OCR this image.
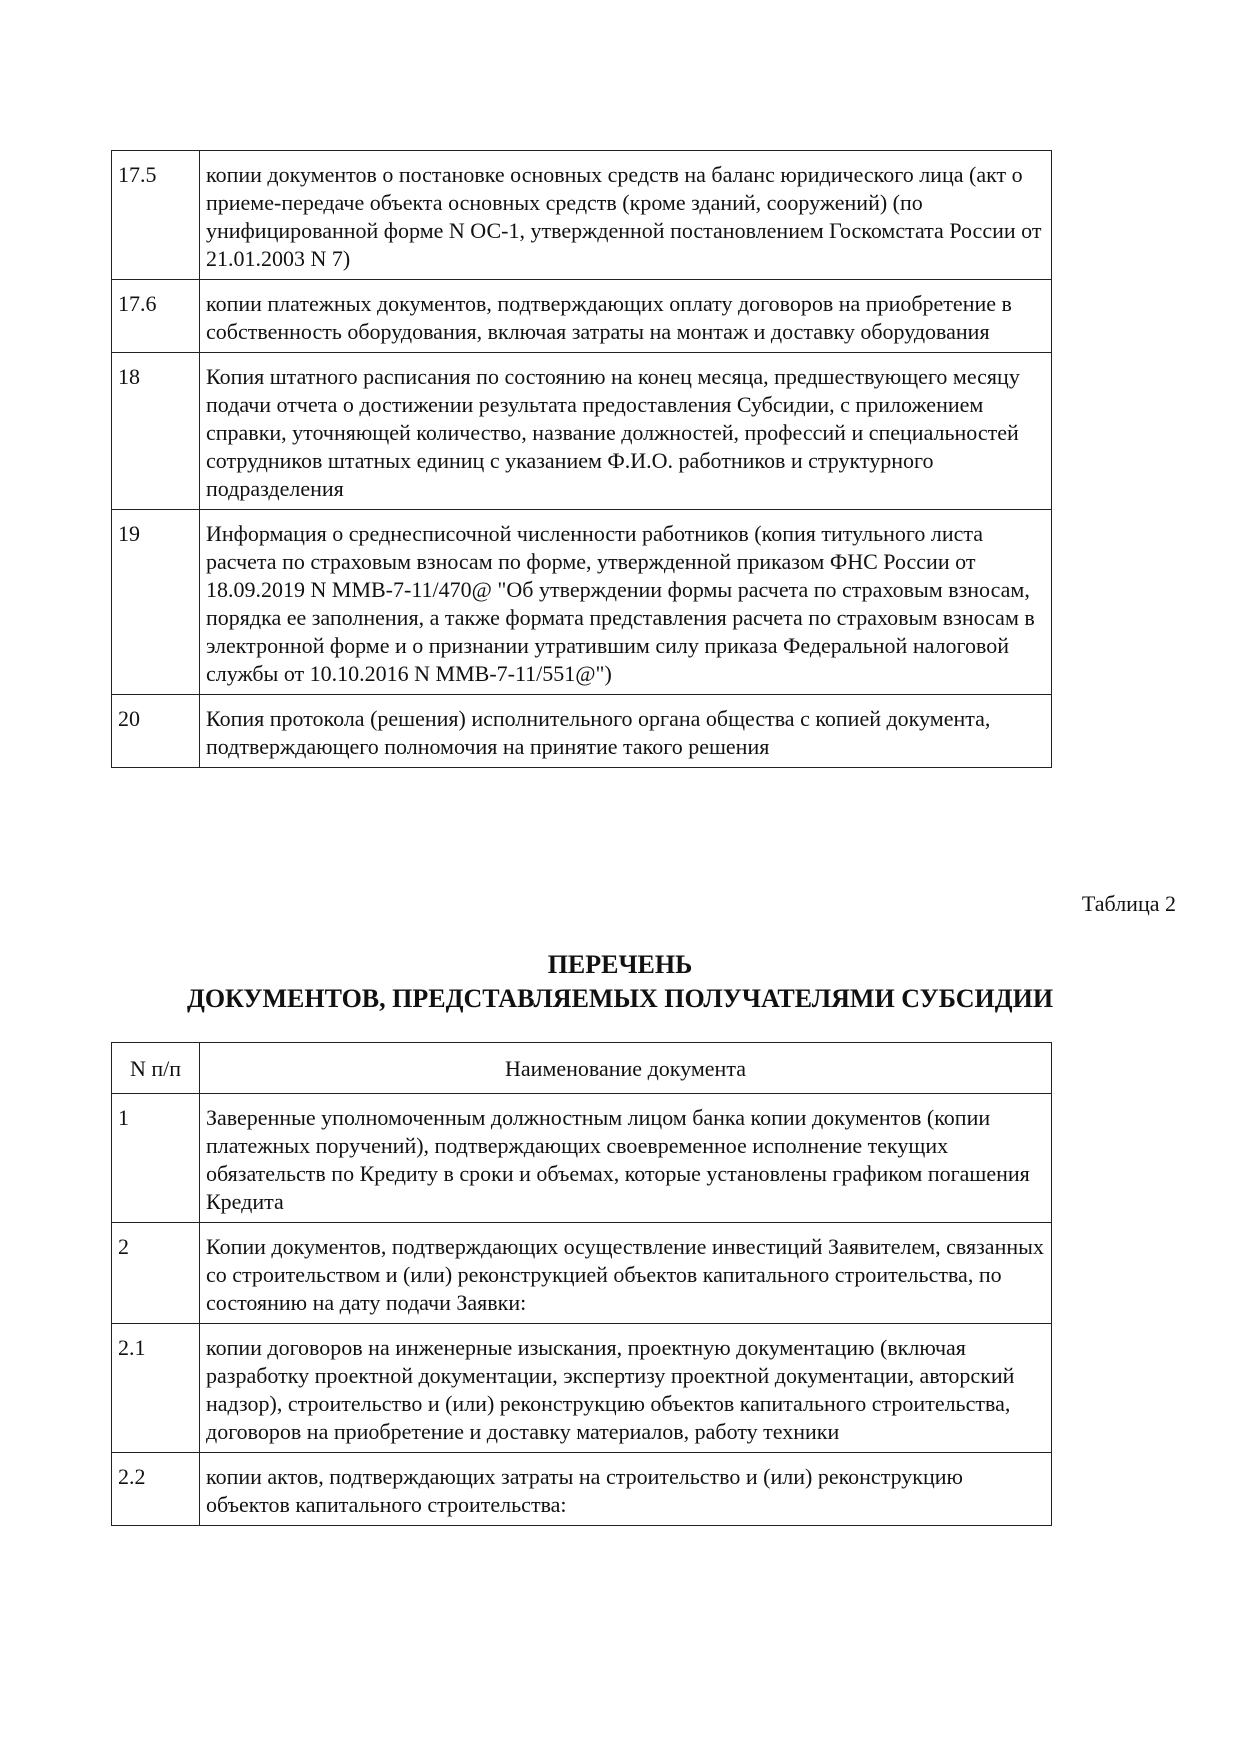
17.5	копии документов о постановке основных средств на баланс юридического лица (акт о приеме-передаче объекта основных средств (кроме зданий, сооружений) (по унифицированной форме N ОС-1, утвержденной постановлением Госкомстата России от 21.01.2003 N 7)
17.6	копии платежных документов, подтверждающих оплату договоров на приобретение в собственность оборудования, включая затраты на монтаж и доставку оборудования
18	Копия штатного расписания по состоянию на конец месяца, предшествующего месяцу подачи отчета о достижении результата предоставления Субсидии, с приложением справки, уточняющей количество, название должностей, профессий и специальностей сотрудников штатных единиц с указанием Ф.И.О. работников и структурного подразделения
19	Информация о среднесписочной численности работников (копия титульного листа расчета по страховым взносам по форме, утвержденной приказом ФНС России от 18.09.2019 N ММВ-7-11/470@ "Об утверждении формы расчета по страховым взносам, порядка ее заполнения, а также формата представления расчета по страховым взносам в электронной форме и о признании утратившим силу приказа Федеральной налоговой службы от 10.10.2016 N ММВ-7-11/551@")
20	Копия протокола (решения) исполнительного органа общества с копией документа, подтверждающего полномочия на принятие такого решения
Таблица 2
ПЕРЕЧЕНЬ
ДОКУМЕНТОВ, ПРЕДСТАВЛЯЕМЫХ ПОЛУЧАТЕЛЯМИ СУБСИДИИ
N п/п	Наименование документа
1	Заверенные уполномоченным должностным лицом банка копии документов (копии платежных поручений), подтверждающих своевременное исполнение текущих обязательств по Кредиту в сроки и объемах, которые установлены графиком погашения Кредита
2	Копии документов, подтверждающих осуществление инвестиций Заявителем, связанных со строительством и (или) реконструкцией объектов капитального строительства, по состоянию на дату подачи Заявки:
2.1	копии договоров на инженерные изыскания, проектную документацию (включая разработку проектной документации, экспертизу проектной документации, авторский надзор), строительство и (или) реконструкцию объектов капитального строительства, договоров на приобретение и доставку материалов, работу техники
2.2	копии актов, подтверждающих затраты на строительство и (или) реконструкцию объектов капитального строительства:
